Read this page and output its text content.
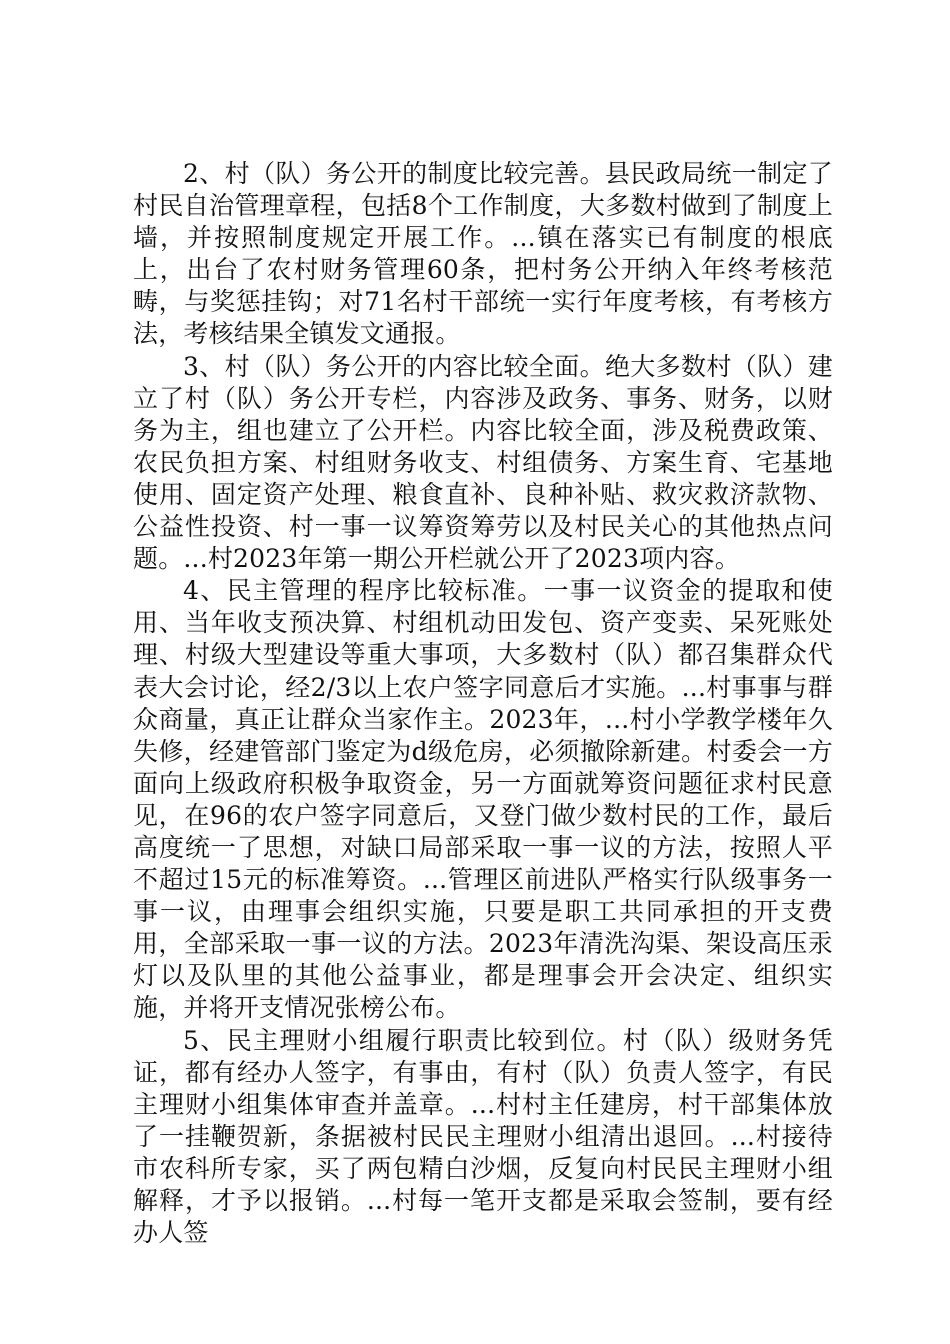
2、村（队）务公开的制度比较完善。县民政局统一制定了村民自治管理章程，包括8个工作制度，大多数村做到了制度上墙，并按照制度规定开展工作。...镇在落实已有制度的根底上，出台了农村财务管理60条，把村务公开纳入年终考核范畴，与奖惩挂钩；对71名村干部统一实行年度考核，有考核方法，考核结果全镇发文通报。

3、村（队）务公开的内容比较全面。绝大多数村（队）建立了村（队）务公开专栏，内容涉及政务、事务、财务，以财务为主，组也建立了公开栏。内容比较全面，涉及税费政策、农民负担方案、村组财务收支、村组债务、方案生育、宅基地使用、固定资产处理、粮食直补、良种补贴、救灾救济款物、公益性投资、村一事一议筹资筹劳以及村民关心的其他热点问题。...村2023年第一期公开栏就公开了2023项内容。

4、民主管理的程序比较标准。一事一议资金的提取和使用、当年收支预决算、村组机动田发包、资产变卖、呆死账处理、村级大型建设等重大事项，大多数村（队）都召集群众代表大会讨论，经2/3以上农户签字同意后才实施。...村事事与群众商量，真正让群众当家作主。2023年，...村小学教学楼年久失修，经建管部门鉴定为d级危房，必须撤除新建。村委会一方面向上级政府积极争取资金，另一方面就筹资问题征求村民意见，在96的农户签字同意后，又登门做少数村民的工作，最后高度统一了思想，对缺口局部采取一事一议的方法，按照人平不超过15元的标准筹资。...管理区前进队严格实行队级事务一事一议，由理事会组织实施，只要是职工共同承担的开支费用，全部采取一事一议的方法。2023年清洗沟渠、架设高压汞灯以及队里的其他公益事业，都是理事会开会决定、组织实施，并将开支情况张榜公布。

5、民主理财小组履行职责比较到位。村（队）级财务凭证，都有经办人签字，有事由，有村（队）负责人签字，有民主理财小组集体审查并盖章。...村村主任建房，村干部集体放了一挂鞭贺新，条据被村民民主理财小组清出退回。...村接待市农科所专家，买了两包精白沙烟，反复向村民民主理财小组解释，才予以报销。...村每一笔开支都是采取会签制，要有经办人签
